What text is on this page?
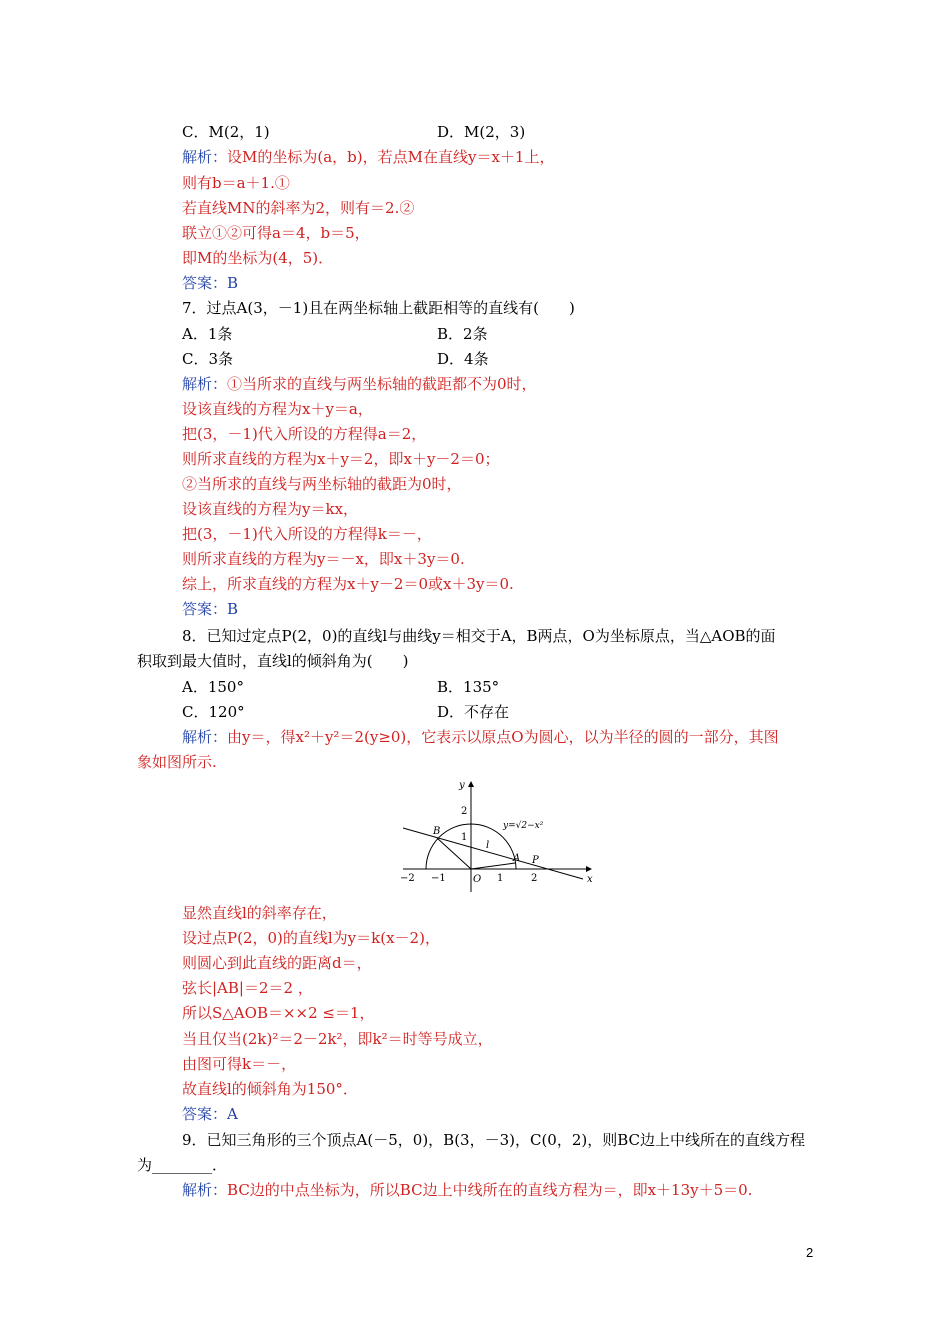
C．M(2，1)	D．M(2，3)
解析：设M的坐标为(a，b)，若点M在直线y＝x＋1上，
则有b＝a＋1.①
若直线MN的斜率为2，则有＝2.②
联立①②可得a＝4，b＝5，
即M的坐标为(4，5)．
答案：B
7．过点A(3，－1)且在两坐标轴上截距相等的直线有(　　)
A．1条	B．2条
C．3条	D．4条
解析：①当所求的直线与两坐标轴的截距都不为0时，
设该直线的方程为x＋y＝a，
把(3，－1)代入所设的方程得a＝2，
则所求直线的方程为x＋y＝2，即x＋y－2＝0；
②当所求的直线与两坐标轴的截距为0时，
设该直线的方程为y＝kx，
把(3，－1)代入所设的方程得k＝－，
则所求直线的方程为y＝－x，即x＋3y＝0.
综上，所求直线的方程为x＋y－2＝0或x＋3y＝0.
答案：B
8．已知过定点P(2，0)的直线l与曲线y＝相交于A，B两点，O为坐标原点，当△AOB的面
积取到最大值时，直线l的倾斜角为(　　)
A．150°	B．135°
C．120°	D．不存在
解析：由y＝，得x²＋y²＝2(y≥0)，它表示以原点O为圆心，以为半径的圆的一部分，其图
象如图所示.
y
x
y=√2−x²
2
1
−2 −1	O 1	2
B
A P
l
显然直线l的斜率存在，
设过点P(2，0)的直线l为y＝k(x－2)，
则圆心到此直线的距离d＝，
弦长|AB|＝2＝2 ，
所以S△AOB＝××2 ≤＝1，
当且仅当(2k)²＝2－2k²，即k²＝时等号成立，
由图可得k＝－，
故直线l的倾斜角为150°．
答案：A
9．已知三角形的三个顶点A(－5，0)，B(3，－3)，C(0，2)，则BC边上中线所在的直线方程
为________．
解析：BC边的中点坐标为，所以BC边上中线所在的直线方程为＝，即x＋13y＋5＝0.
2
